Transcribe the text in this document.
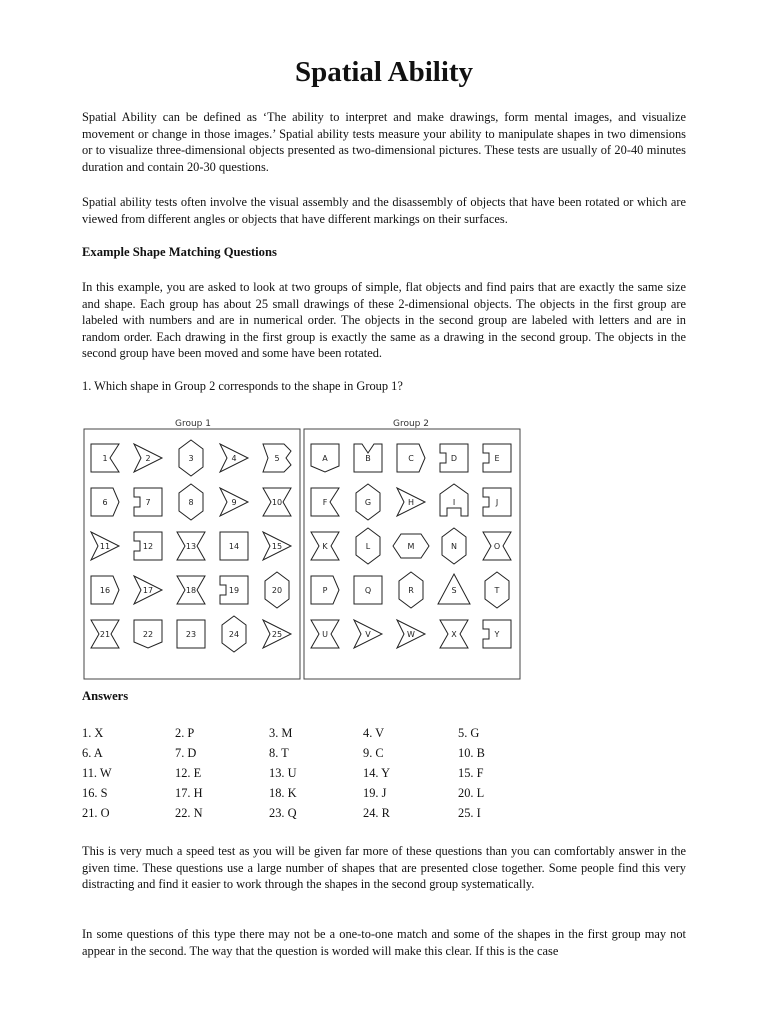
Spatial Ability

Spatial Ability can be defined as ‘The ability to interpret and make drawings, form mental images, and visualize movement or change in those images.’ Spatial ability tests measure your ability to manipulate shapes in two dimensions or to visualize three-dimensional objects presented as two-dimensional pictures. These tests are usually of 20-40 minutes duration and contain 20-30 questions.

Spatial ability tests often involve the visual assembly and the disassembly of objects that have been rotated or which are viewed from different angles or objects that have different markings on their surfaces.

Example Shape Matching Questions

In this example, you are asked to look at two groups of simple, flat objects and find pairs that are exactly the same size and shape. Each group has about 25 small drawings of these 2-dimensional objects. The objects in the first group are labeled with numbers and are in numerical order. The objects in the second group are labeled with letters and are in random order. Each drawing in the first group is exactly the same as a drawing in the second group. The objects in the second group have been moved and some have been rotated.

1. Which shape in Group 2 corresponds to the shape in Group 1?

Group 1	Group 2
1	2	3	4	5
6	7	8	9	10
11	12	13	14	15
16	17	18	19	20
21	22	23	24	25
A	B	C	D	E
F	G	H	I	J
K	L	M	N	O
P	Q	R	S	T
U	V	W	X	Y

Answers

1. X	2. P	3. M	4. V	5. G
6. A	7. D	8. T	9. C	10. B
11. W	12. E	13. U	14. Y	15. F
16. S	17. H	18. K	19. J	20. L
21. O	22. N	23. Q	24. R	25. I

This is very much a speed test as you will be given far more of these questions than you can comfortably answer in the given time. These questions use a large number of shapes that are presented close together. Some people find this very distracting and find it easier to work through the shapes in the second group systematically.

In some questions of this type there may not be a one-to-one match and some of the shapes in the first group may not appear in the second. The way that the question is worded will make this clear. If this is the case
